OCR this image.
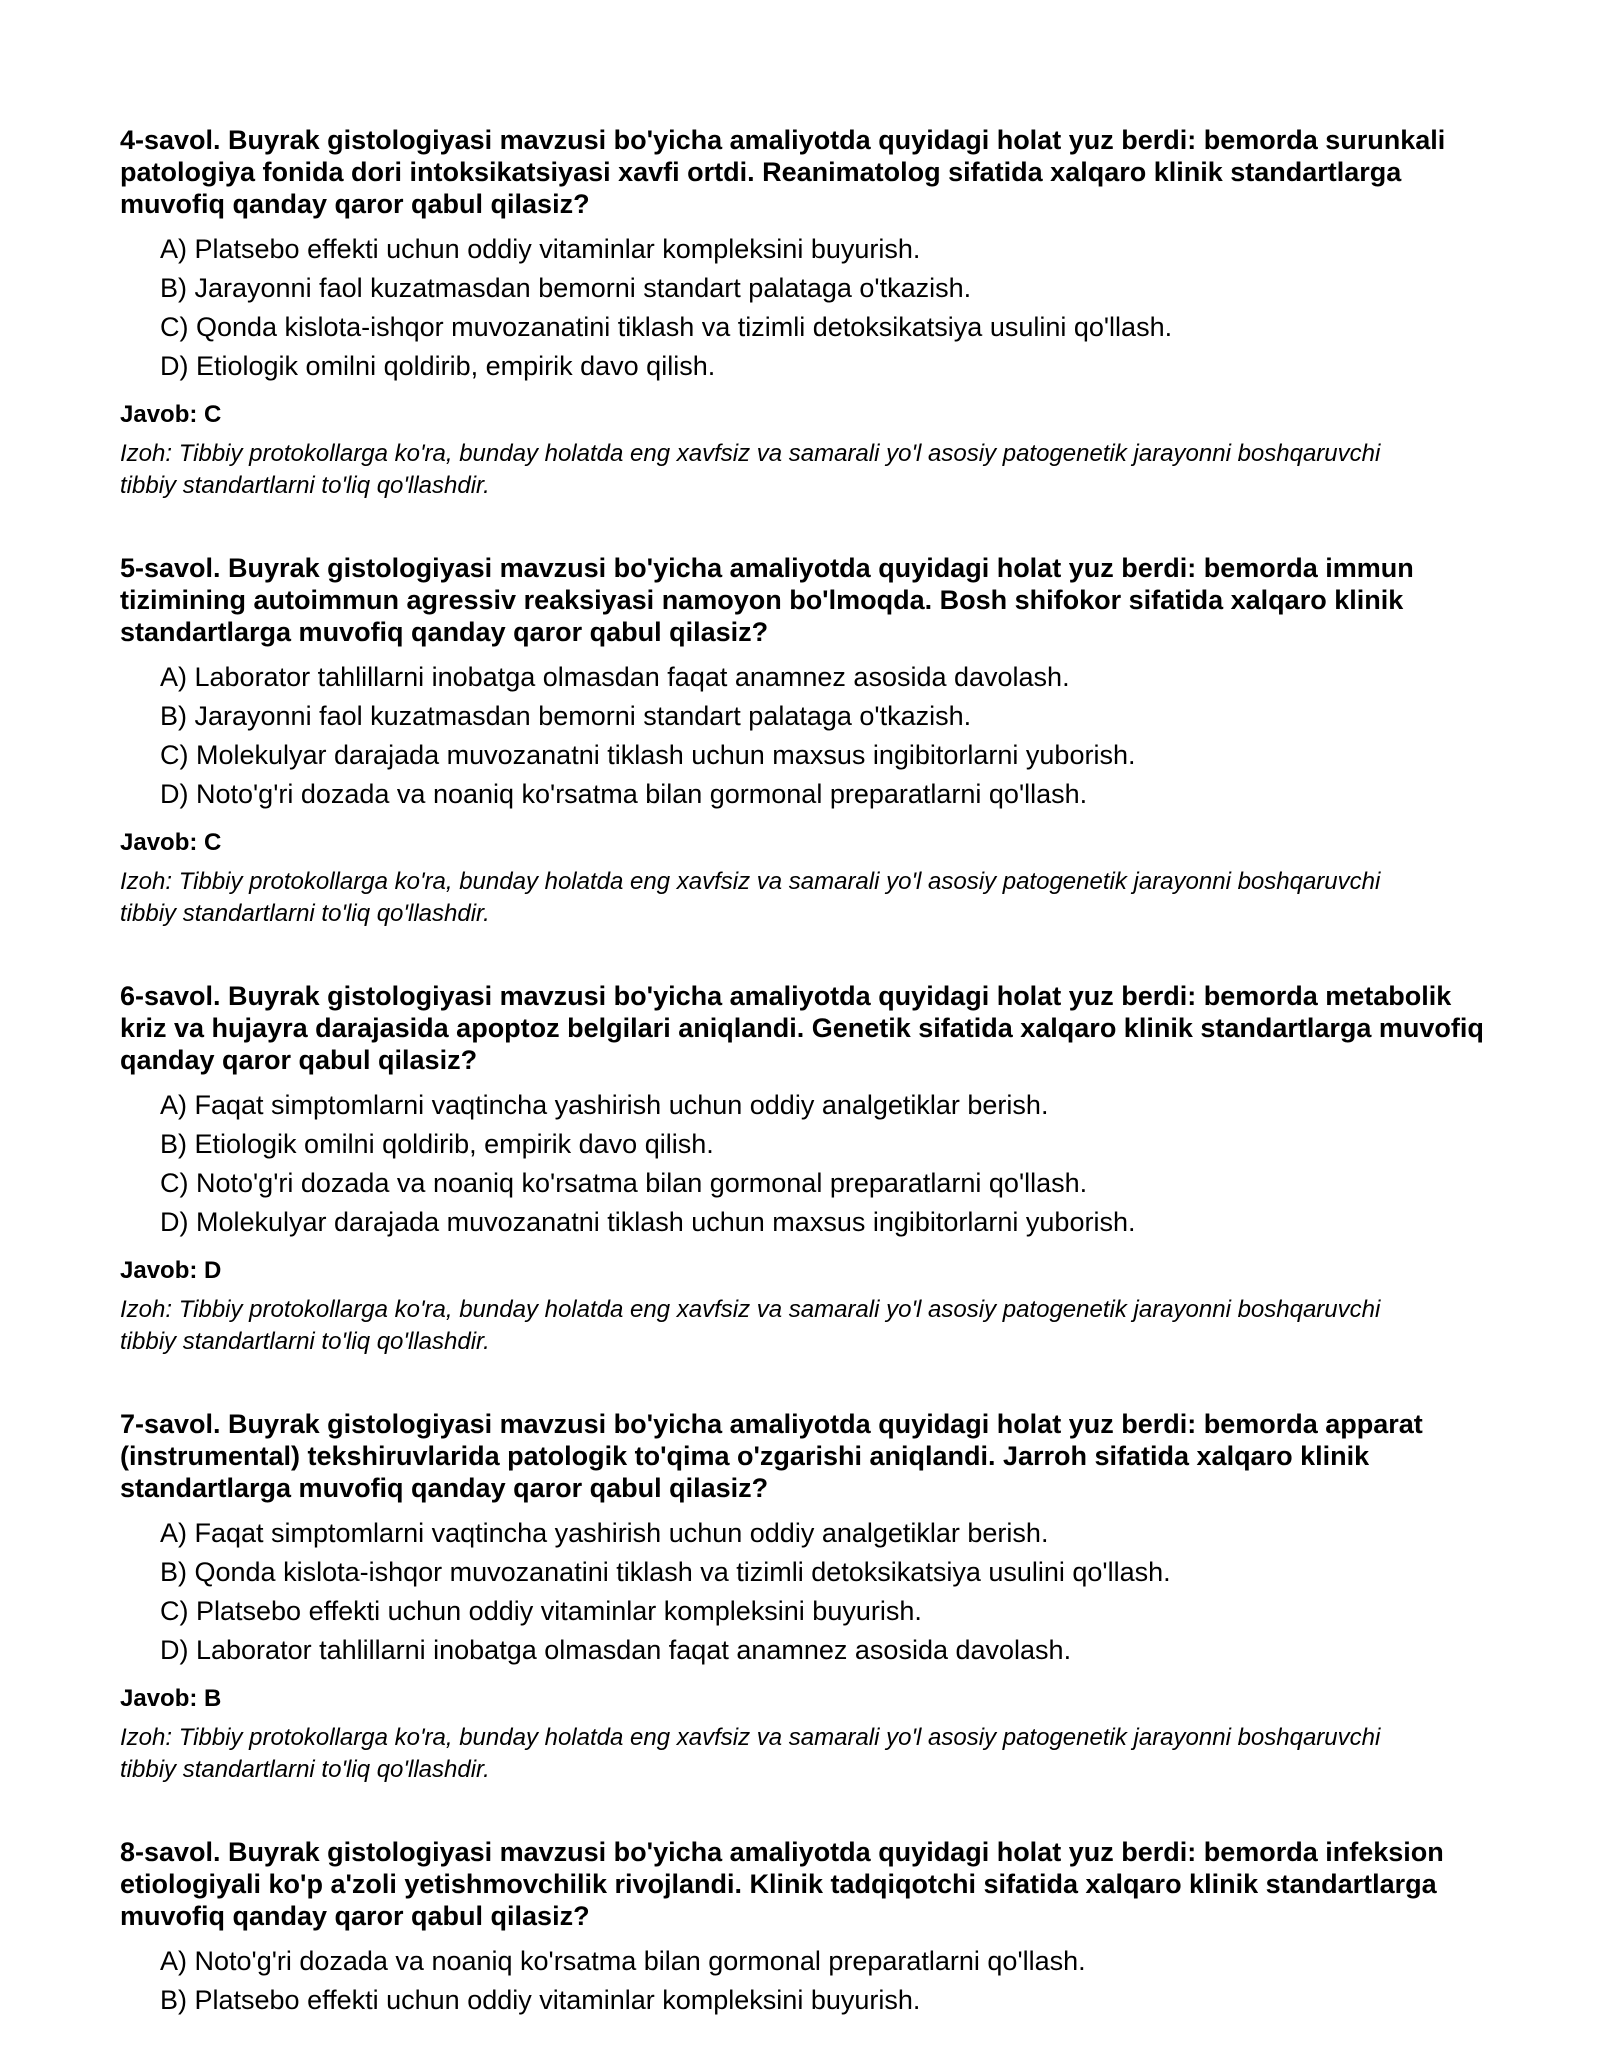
4-savol. Buyrak gistologiyasi mavzusi bo'yicha amaliyotda quyidagi holat yuz berdi: bemorda surunkali patologiya fonida dori intoksikatsiyasi xavfi ortdi. Reanimatolog sifatida xalqaro klinik standartlarga muvofiq qanday qaror qabul qilasiz?

A) Platsebo effekti uchun oddiy vitaminlar kompleksini buyurish.
B) Jarayonni faol kuzatmasdan bemorni standart palataga o'tkazish.
C) Qonda kislota-ishqor muvozanatini tiklash va tizimli detoksikatsiya usulini qo'llash.
D) Etiologik omilni qoldirib, empirik davo qilish.

Javob: C

Izoh: Tibbiy protokollarga ko'ra, bunday holatda eng xavfsiz va samarali yo'l asosiy patogenetik jarayonni boshqaruvchi tibbiy standartlarni to'liq qo'llashdir.

5-savol. Buyrak gistologiyasi mavzusi bo'yicha amaliyotda quyidagi holat yuz berdi: bemorda immun tizimining autoimmun agressiv reaksiyasi namoyon bo'lmoqda. Bosh shifokor sifatida xalqaro klinik standartlarga muvofiq qanday qaror qabul qilasiz?

A) Laborator tahlillarni inobatga olmasdan faqat anamnez asosida davolash.
B) Jarayonni faol kuzatmasdan bemorni standart palataga o'tkazish.
C) Molekulyar darajada muvozanatni tiklash uchun maxsus ingibitorlarni yuborish.
D) Noto'g'ri dozada va noaniq ko'rsatma bilan gormonal preparatlarni qo'llash.

Javob: C

Izoh: Tibbiy protokollarga ko'ra, bunday holatda eng xavfsiz va samarali yo'l asosiy patogenetik jarayonni boshqaruvchi tibbiy standartlarni to'liq qo'llashdir.

6-savol. Buyrak gistologiyasi mavzusi bo'yicha amaliyotda quyidagi holat yuz berdi: bemorda metabolik kriz va hujayra darajasida apoptoz belgilari aniqlandi. Genetik sifatida xalqaro klinik standartlarga muvofiq qanday qaror qabul qilasiz?

A) Faqat simptomlarni vaqtincha yashirish uchun oddiy analgetiklar berish.
B) Etiologik omilni qoldirib, empirik davo qilish.
C) Noto'g'ri dozada va noaniq ko'rsatma bilan gormonal preparatlarni qo'llash.
D) Molekulyar darajada muvozanatni tiklash uchun maxsus ingibitorlarni yuborish.

Javob: D

Izoh: Tibbiy protokollarga ko'ra, bunday holatda eng xavfsiz va samarali yo'l asosiy patogenetik jarayonni boshqaruvchi tibbiy standartlarni to'liq qo'llashdir.

7-savol. Buyrak gistologiyasi mavzusi bo'yicha amaliyotda quyidagi holat yuz berdi: bemorda apparat (instrumental) tekshiruvlarida patologik to'qima o'zgarishi aniqlandi. Jarroh sifatida xalqaro klinik standartlarga muvofiq qanday qaror qabul qilasiz?

A) Faqat simptomlarni vaqtincha yashirish uchun oddiy analgetiklar berish.
B) Qonda kislota-ishqor muvozanatini tiklash va tizimli detoksikatsiya usulini qo'llash.
C) Platsebo effekti uchun oddiy vitaminlar kompleksini buyurish.
D) Laborator tahlillarni inobatga olmasdan faqat anamnez asosida davolash.

Javob: B

Izoh: Tibbiy protokollarga ko'ra, bunday holatda eng xavfsiz va samarali yo'l asosiy patogenetik jarayonni boshqaruvchi tibbiy standartlarni to'liq qo'llashdir.

8-savol. Buyrak gistologiyasi mavzusi bo'yicha amaliyotda quyidagi holat yuz berdi: bemorda infeksion etiologiyali ko'p a'zoli yetishmovchilik rivojlandi. Klinik tadqiqotchi sifatida xalqaro klinik standartlarga muvofiq qanday qaror qabul qilasiz?

A) Noto'g'ri dozada va noaniq ko'rsatma bilan gormonal preparatlarni qo'llash.
B) Platsebo effekti uchun oddiy vitaminlar kompleksini buyurish.
